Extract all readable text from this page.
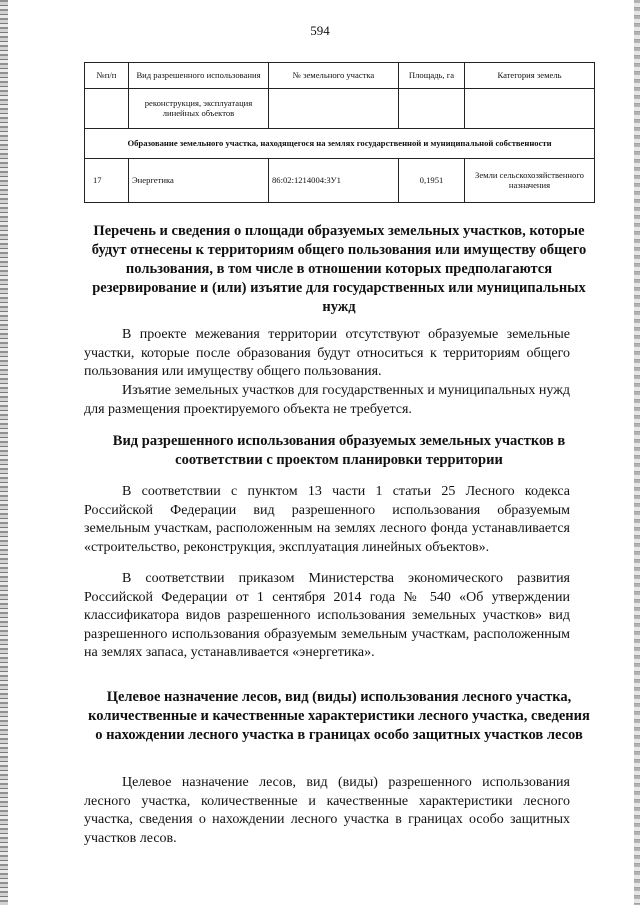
594
№п/п	Вид разрешенного использования	№ земельного участка	Площадь, га	Категория земель
	реконструкция, эксплуатация линейных объектов			
Образование земельного участка, находящегося на землях государственной и муниципальной собственности				
17	Энергетика	86:02:1214004:ЗУ1	0,1951	Земли сельскохозяйственного назначения
Перечень и сведения о площади образуемых земельных участков, которые будут отнесены к территориям общего пользования или имуществу общего пользования, в том числе в отношении которых предполагаются резервирование и (или) изъятие для государственных или муниципальных нужд

В проекте межевания территории отсутствуют образуемые земельные участки, которые после образования будут относиться к территориям общего пользования или имуществу общего пользования.

Изъятие земельных участков для государственных и муниципальных нужд для размещения проектируемого объекта не требуется.

Вид разрешенного использования образуемых земельных участков в соответствии с проектом планировки территории

В соответствии с пунктом 13 части 1 статьи 25 Лесного кодекса Российской Федерации вид разрешенного использования образуемым земельным участкам, расположенным на землях лесного фонда устанавливается «строительство, реконструкция, эксплуатация линейных объектов».

В соответствии приказом Министерства экономического развития Российской Федерации от 1 сентября 2014 года № 540 «Об утверждении классификатора видов разрешенного использования земельных участков» вид разрешенного использования образуемым земельным участкам, расположенным на землях запаса, устанавливается «энергетика».

Целевое назначение лесов, вид (виды) использования лесного участка, количественные и качественные характеристики лесного участка, сведения о нахождении лесного участка в границах особо защитных участков лесов

Целевое назначение лесов, вид (виды) разрешенного использования лесного участка, количественные и качественные характеристики лесного участка, сведения о нахождении лесного участка в границах особо защитных участков лесов.
